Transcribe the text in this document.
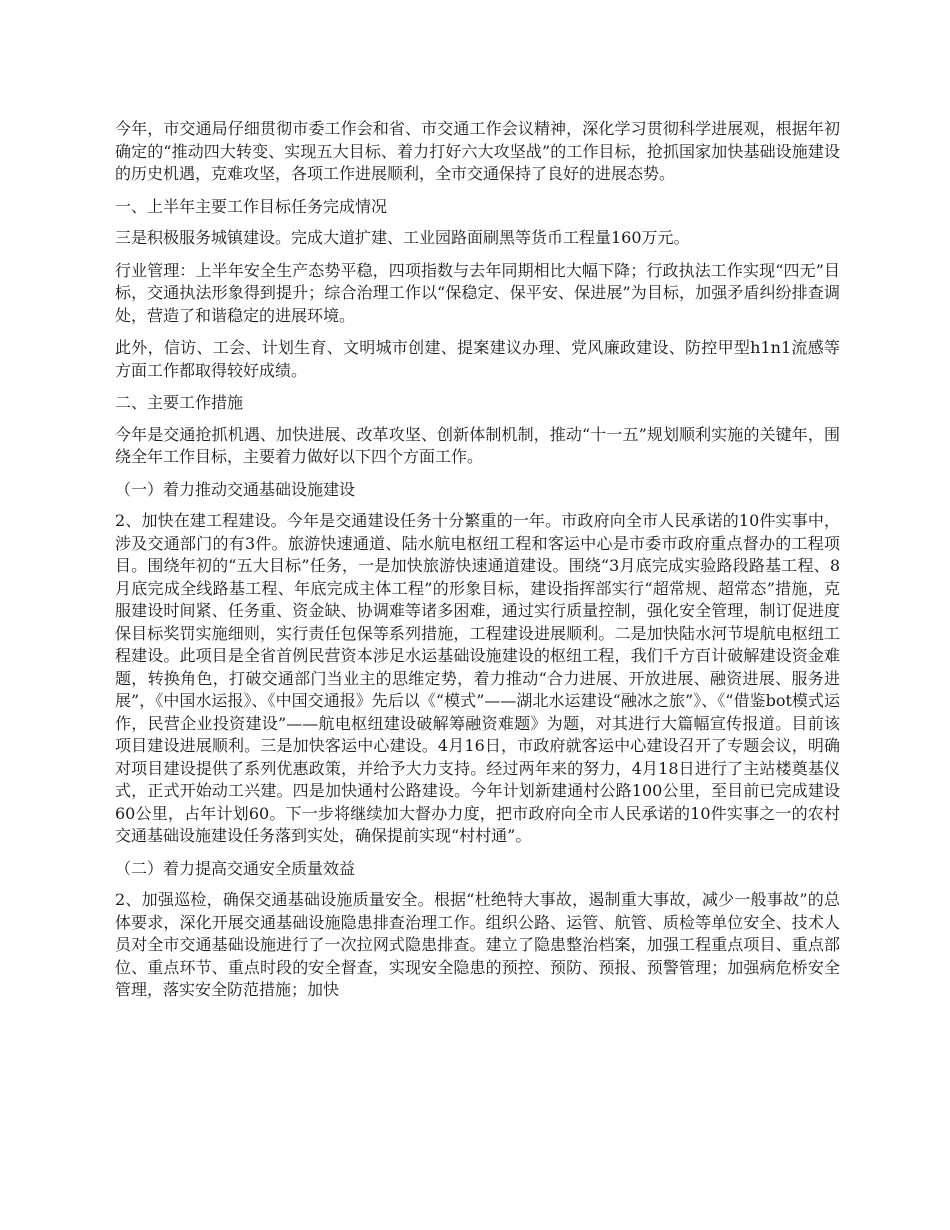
今年，市交通局仔细贯彻市委工作会和省、市交通工作会议精神，深化学习贯彻科学进展观，根据年初确定的“推动四大转变、实现五大目标、着力打好六大攻坚战”的工作目标，抢抓国家加快基础设施建设的历史机遇，克难攻坚，各项工作进展顺利，全市交通保持了良好的进展态势。

一、上半年主要工作目标任务完成情况

三是积极服务城镇建设。完成大道扩建、工业园路面刷黑等货币工程量160万元。

行业管理：上半年安全生产态势平稳，四项指数与去年同期相比大幅下降；行政执法工作实现“四无”目标，交通执法形象得到提升；综合治理工作以“保稳定、保平安、保进展”为目标，加强矛盾纠纷排查调处，营造了和谐稳定的进展环境。

此外，信访、工会、计划生育、文明城市创建、提案建议办理、党风廉政建设、防控甲型h1n1流感等方面工作都取得较好成绩。

二、主要工作措施

今年是交通抢抓机遇、加快进展、改革攻坚、创新体制机制，推动“十一五”规划顺利实施的关键年，围绕全年工作目标，主要着力做好以下四个方面工作。

（一）着力推动交通基础设施建设

2、加快在建工程建设。今年是交通建设任务十分繁重的一年。市政府向全市人民承诺的10件实事中，涉及交通部门的有3件。旅游快速通道、陆水航电枢纽工程和客运中心是市委市政府重点督办的工程项目。围绕年初的“五大目标”任务，一是加快旅游快速通道建设。围绕“3月底完成实验路段路基工程、8月底完成全线路基工程、年底完成主体工程”的形象目标，建设指挥部实行“超常规、超常态”措施，克服建设时间紧、任务重、资金缺、协调难等诸多困难，通过实行质量控制，强化安全管理，制订促进度保目标奖罚实施细则，实行责任包保等系列措施，工程建设进展顺利。二是加快陆水河节堤航电枢纽工程建设。此项目是全省首例民营资本涉足水运基础设施建设的枢纽工程，我们千方百计破解建设资金难题，转换角色，打破交通部门当业主的思维定势，着力推动“合力进展、开放进展、融资进展、服务进展”，《中国水运报》、《中国交通报》先后以《“模式”——湖北水运建设“融冰之旅”》、《“借鉴bot模式运作，民营企业投资建设”——航电枢纽建设破解筹融资难题》为题，对其进行大篇幅宣传报道。目前该项目建设进展顺利。三是加快客运中心建设。4月16日，市政府就客运中心建设召开了专题会议，明确对项目建设提供了系列优惠政策，并给予大力支持。经过两年来的努力，4月18日进行了主站楼奠基仪式，正式开始动工兴建。四是加快通村公路建设。今年计划新建通村公路100公里，至目前已完成建设60公里，占年计划60。下一步将继续加大督办力度，把市政府向全市人民承诺的10件实事之一的农村交通基础设施建设任务落到实处，确保提前实现“村村通”。

（二）着力提高交通安全质量效益

2、加强巡检，确保交通基础设施质量安全。根据“杜绝特大事故，遏制重大事故，减少一般事故”的总体要求，深化开展交通基础设施隐患排查治理工作。组织公路、运管、航管、质检等单位安全、技术人员对全市交通基础设施进行了一次拉网式隐患排查。建立了隐患整治档案，加强工程重点项目、重点部位、重点环节、重点时段的安全督查，实现安全隐患的预控、预防、预报、预警管理；加强病危桥安全管理，落实安全防范措施；加快
